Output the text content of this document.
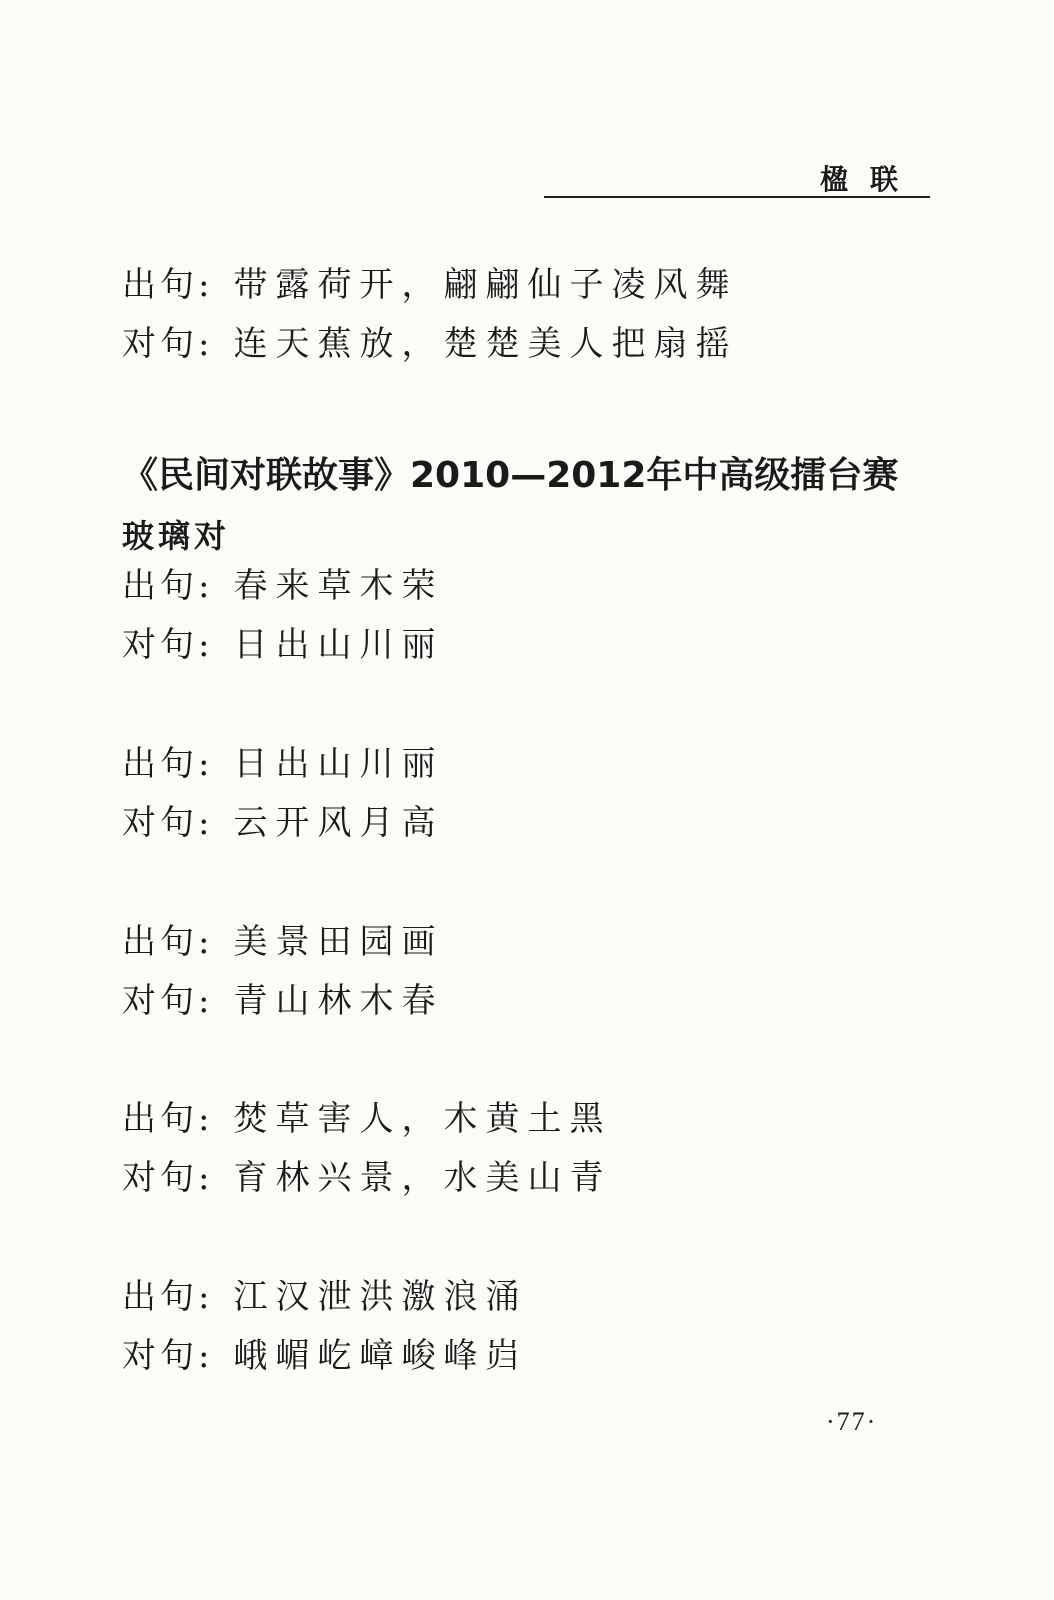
楹联
出句: 带露荷开，翩翩仙子凌风舞
对句: 连天蕉放，楚楚美人把扇摇
《民间对联故事》2010—2012年中高级擂台赛
玻璃对
出句: 春来草木荣
对句: 日出山川丽
出句: 日出山川丽
对句: 云开风月高
出句: 美景田园画
对句: 青山林木春
出句: 焚草害人，木黄土黑
对句: 育林兴景，水美山青
出句: 江汉泄洪激浪涌
对句: 峨嵋屹嶂峻峰岿
·77·
